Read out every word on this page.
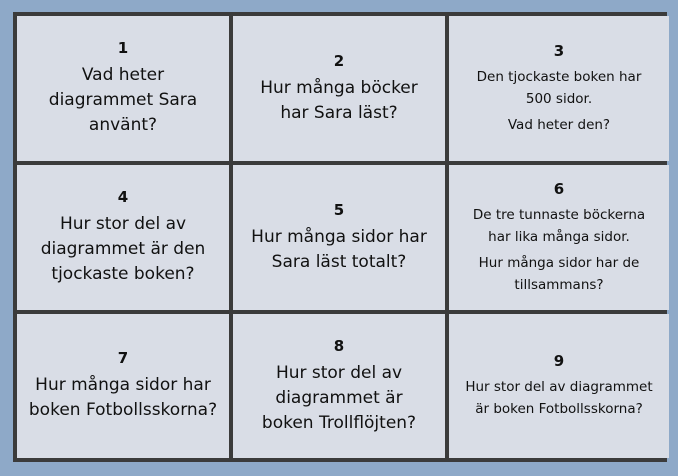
1
Vad heter diagrammet Sara använt?
2
Hur många böcker har Sara läst?
3
Den tjockaste boken har 500 sidor.
Vad heter den?
4
Hur stor del av diagrammet är den tjockaste boken?
5
Hur många sidor har Sara läst totalt?
6
De tre tunnaste böckerna har lika många sidor.
Hur många sidor har de tillsammans?
7
Hur många sidor har boken Fotbollsskorna?
8
Hur stor del av diagrammet är boken Trollflöjten?
9
Hur stor del av diagrammet är boken Fotbollsskorna?
